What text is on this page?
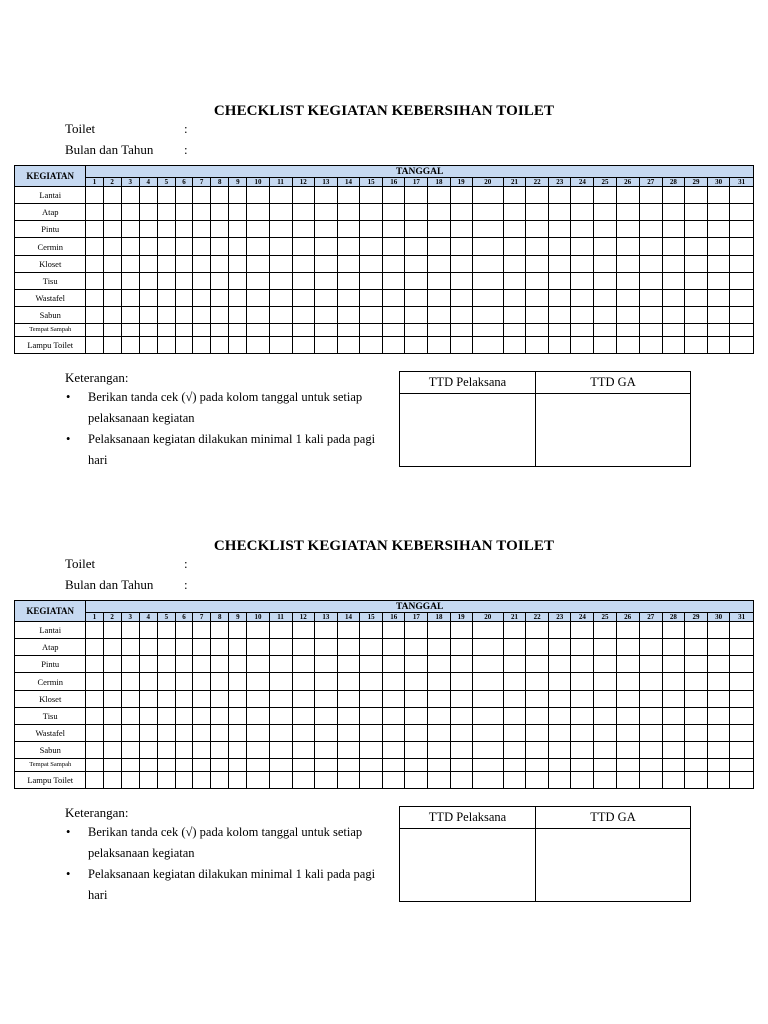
CHECKLIST KEGIATAN KEBERSIHAN TOILET
Toilet	:
Bulan dan Tahun :
KEGIATAN	TANGGAL																														
	1	2	3	4	5	6	7	8	9	10	11	12	13	14	15	16	17	18	19	20	21	22	23	24	25	26	27	28	29	30	31
Lantai																															
Atap																															
Pintu																															
Cermin																															
Kloset																															
Tisu																															
Wastafel																															
Sabun																															
Tempat Sampah																															
Lampu Toilet																															
Keterangan:
• Berikan tanda cek (√) pada kolom tanggal untuk setiap pelaksanaan kegiatan
• Pelaksanaan kegiatan dilakukan minimal 1 kali pada pagi hari
TTD Pelaksana	TTD GA

CHECKLIST KEGIATAN KEBERSIHAN TOILET
Toilet	:
Bulan dan Tahun :
KEGIATAN	TANGGAL																														
	1	2	3	4	5	6	7	8	9	10	11	12	13	14	15	16	17	18	19	20	21	22	23	24	25	26	27	28	29	30	31
Lantai																															
Atap																															
Pintu																															
Cermin																															
Kloset																															
Tisu																															
Wastafel																															
Sabun																															
Tempat Sampah																															
Lampu Toilet																															
Keterangan:
• Berikan tanda cek (√) pada kolom tanggal untuk setiap pelaksanaan kegiatan
• Pelaksanaan kegiatan dilakukan minimal 1 kali pada pagi hari
TTD Pelaksana	TTD GA
